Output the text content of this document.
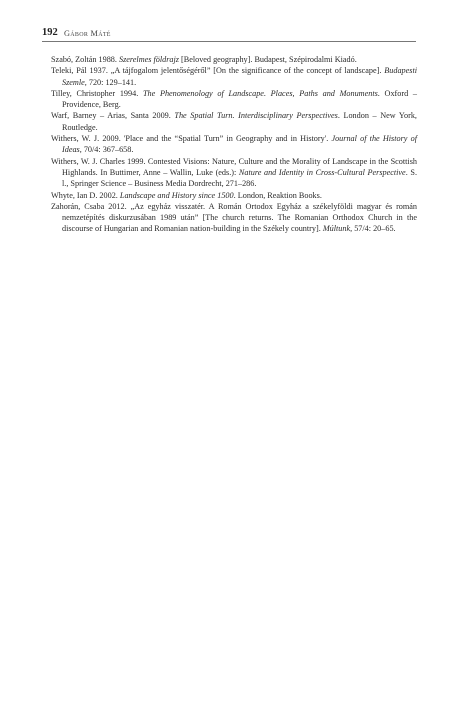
192 Gábor Máté
Szabó, Zoltán 1988. Szerelmes földrajz [Beloved geography]. Budapest, Szépirodalmi Kiadó.
Teleki, Pál 1937. „A tájfogalom jelentőségéről” [On the significance of the concept of landscape]. Budapesti Szemle, 720: 129–141.
Tilley, Christopher 1994. The Phenomenology of Landscape. Places, Paths and Monuments. Oxford – Providence, Berg.
Warf, Barney – Arias, Santa 2009. The Spatial Turn. Interdisciplinary Perspectives. London – New York, Routledge.
Withers, W. J. 2009. 'Place and the “Spatial Turn” in Geography and in History'. Journal of the History of Ideas, 70/4: 367–658.
Withers, W. J. Charles 1999. Contested Visions: Nature, Culture and the Morality of Landscape in the Scottish Highlands. In Buttimer, Anne – Wallin, Luke (eds.): Nature and Identity in Cross-Cultural Perspective. S. l., Springer Science – Business Media Dordrecht, 271–286.
Whyte, Ian D. 2002. Landscape and History since 1500. London, Reaktion Books.
Zahorán, Csaba 2012. „Az egyház visszatér. A Román Ortodox Egyház a székelyföldi magyar és román nemzetépítés diskurzusában 1989 után” [The church returns. The Romanian Orthodox Church in the discourse of Hungarian and Romanian nation-building in the Székely country]. Múltunk, 57/4: 20–65.
